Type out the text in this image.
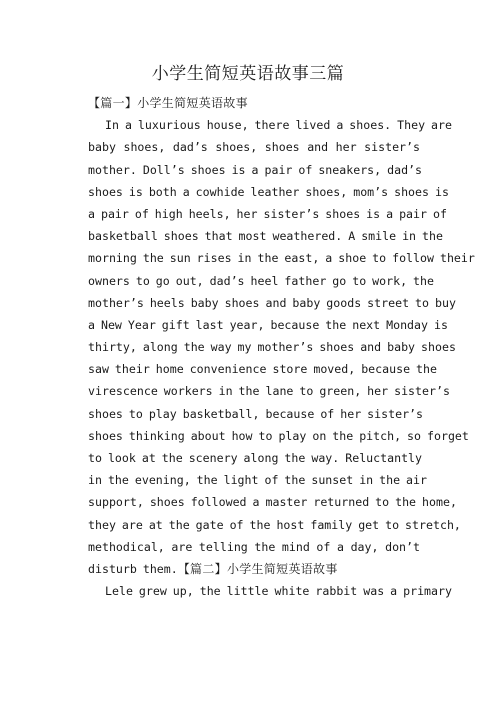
小学生简短英语故事三篇
【篇一】小学生简短英语故事
In a luxurious house, there lived a shoes. They are
baby shoes, dad’s shoes, shoes and her sister’s
mother. Doll’s shoes is a pair of sneakers, dad’s
shoes is both a cowhide leather shoes, mom’s shoes is
a pair of high heels, her sister’s shoes is a pair of
basketball shoes that most weathered. A smile in the
morning the sun rises in the east, a shoe to follow their
owners to go out, dad’s heel father go to work, the
mother’s heels baby shoes and baby goods street to buy
a New Year gift last year, because the next Monday is
thirty, along the way my mother’s shoes and baby shoes
saw their home convenience store moved, because the
virescence workers in the lane to green, her sister’s
shoes to play basketball, because of her sister’s
shoes thinking about how to play on the pitch, so forget
to look at the scenery along the way. Reluctantly
in the evening, the light of the sunset in the air
support, shoes followed a master returned to the home,
they are at the gate of the host family get to stretch,
methodical, are telling the mind of a day, don’t
disturb them.【篇二】小学生简短英语故事
Lele grew up, the little white rabbit was a primary
